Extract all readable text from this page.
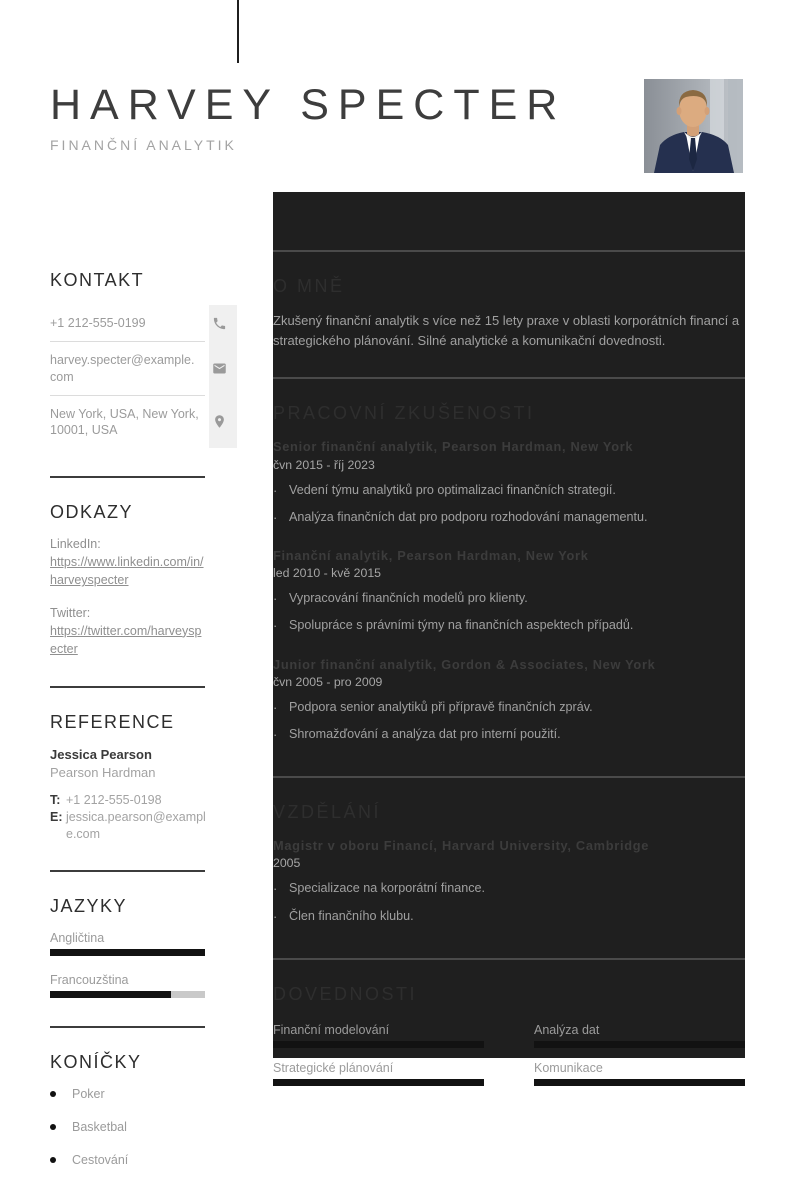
HARVEY SPECTER
FINANČNÍ ANALYTIK
KONTAKT
+1 212-555-0199
harvey.specter@example.com
New York, USA, New York, 10001, USA
ODKAZY
LinkedIn:
https://www.linkedin.com/in/harveyspecter
Twitter:
https://twitter.com/harveyspecter
REFERENCE
Jessica Pearson
Pearson Hardman
T: +1 212-555-0198
E: jessica.pearson@example.com
JAZYKY
Angličtina
Francouzština
KONÍČKY
Poker
Basketbal
Cestování
O MNĚ

Zkušený finanční analytik s více než 15 lety praxe v oblasti korporátních financí a strategického plánování. Silné analytické a komunikační dovednosti.

PRACOVNÍ ZKUŠENOSTI
Senior finanční analytik, Pearson Hardman, New York
čvn 2015 - říj 2023
· Vedení týmu analytiků pro optimalizaci finančních strategií.
· Analýza finančních dat pro podporu rozhodování managementu.
Finanční analytik, Pearson Hardman, New York
led 2010 - kvě 2015
· Vypracování finančních modelů pro klienty.
· Spolupráce s právními týmy na finančních aspektech případů.
Junior finanční analytik, Gordon & Associates, New York
čvn 2005 - pro 2009
· Podpora senior analytiků při přípravě finančních zpráv.
· Shromažďování a analýza dat pro interní použití.
VZDĚLÁNÍ
Magistr v oboru Financí, Harvard University, Cambridge
2005
· Specializace na korporátní finance.
· Člen finančního klubu.
DOVEDNOSTI
Finanční modelování	Analýza dat
Strategické plánování	Komunikace
